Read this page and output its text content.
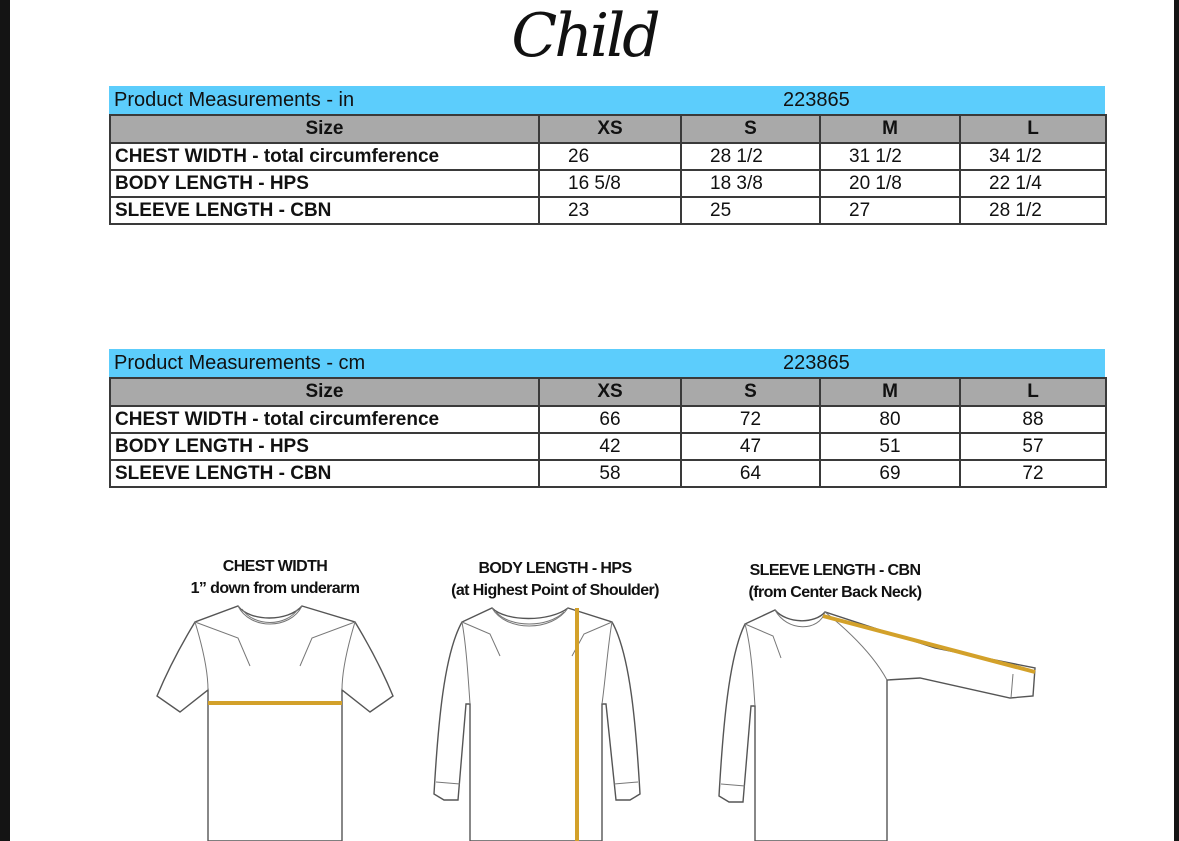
Child
Product Measurements - in	223865
Size	XS	S	M	L
CHEST WIDTH - total circumference	26	28 1/2	31 1/2	34 1/2
BODY LENGTH - HPS	16 5/8	18 3/8	20 1/8	22 1/4
SLEEVE LENGTH - CBN	23	25	27	28 1/2
Product Measurements - cm	223865
Size	XS	S	M	L
CHEST WIDTH - total circumference	66	72	80	88
BODY LENGTH - HPS	42	47	51	57
SLEEVE LENGTH - CBN	58	64	69	72
CHEST WIDTH
1” down from underarm
BODY LENGTH - HPS
(at Highest Point of Shoulder)
SLEEVE LENGTH - CBN
(from Center Back Neck)
